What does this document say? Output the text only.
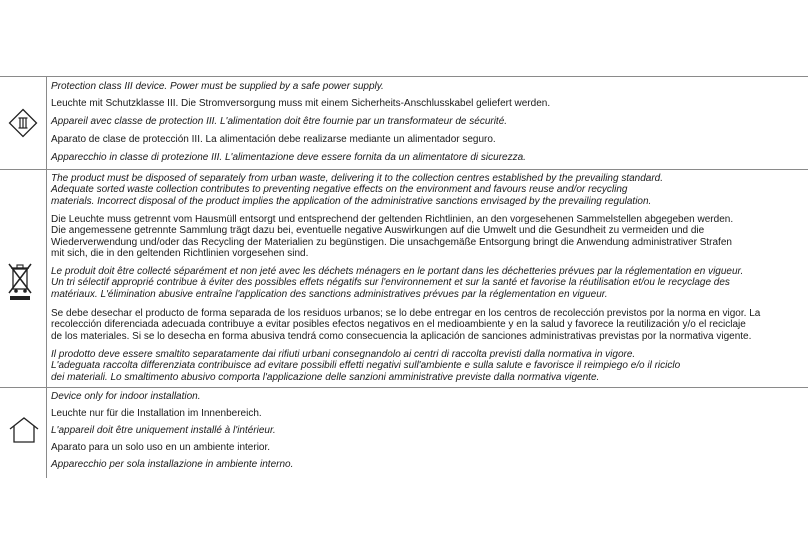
Protection class III device. Power must be supplied by a safe power supply.
Leuchte mit Schutzklasse III. Die Stromversorgung muss mit einem Sicherheits-Anschlusskabel geliefert werden.
Appareil avec classe de protection III. L'alimentation doit être fournie par un transformateur de sécurité.
Aparato de clase de protección III. La alimentación debe realizarse mediante un alimentador seguro.
Apparecchio in classe di protezione III. L'alimentazione deve essere fornita da un alimentatore di sicurezza.
The product must be disposed of separately from urban waste, delivering it to the collection centres established by the prevailing standard.
Adequate sorted waste collection contributes to preventing negative effects on the environment and favours reuse and/or recycling
materials. Incorrect disposal of the product implies the application of the administrative sanctions envisaged by the prevailing regulation.
Die Leuchte muss getrennt vom Hausmüll entsorgt und entsprechend der geltenden Richtlinien, an den vorgesehenen Sammelstellen abgegeben werden.
Die angemessene getrennte Sammlung trägt dazu bei, eventuelle negative Auswirkungen auf die Umwelt und die Gesundheit zu vermeiden und die
Wiederverwendung und/oder das Recycling der Materialien zu begünstigen. Die unsachgemäße Entsorgung bringt die Anwendung administrativer Strafen
mit sich, die in den geltenden Richtlinien vorgesehen sind.
Le produit doit être collecté séparément et non jeté avec les déchets ménagers en le portant dans les déchetteries prévues par la réglementation en vigueur.
Un tri sélectif approprié contribue à éviter des possibles effets négatifs sur l'environnement et sur la santé et favorise la réutilisation et/ou le recyclage des
matériaux. L'élimination abusive entraîne l'application des sanctions administratives prévues par la réglementation en vigueur.
Se debe desechar el producto de forma separada de los residuos urbanos; se lo debe entregar en los centros de recolección previstos por la norma en vigor. La
recolección diferenciada adecuada contribuye a evitar posibles efectos negativos en el medioambiente y en la salud y favorece la reutilización y/o el reciclaje
de los materiales. Si se lo desecha en forma abusiva tendrá como consecuencia la aplicación de sanciones administrativas previstas por la normativa vigente.
Il prodotto deve essere smaltito separatamente dai rifiuti urbani consegnandolo ai centri di raccolta previsti dalla normativa in vigore.
L'adeguata raccolta differenziata contribuisce ad evitare possibili effetti negativi sull'ambiente e sulla salute e favorisce il reimpiego e/o il riciclo
dei materiali. Lo smaltimento abusivo comporta l'applicazione delle sanzioni amministrative previste dalla normativa vigente.
Device only for indoor installation.
Leuchte nur für die Installation im Innenbereich.
L'appareil doit être uniquement installé à l'intérieur.
Aparato para un solo uso en un ambiente interior.
Apparecchio per sola installazione in ambiente interno.
